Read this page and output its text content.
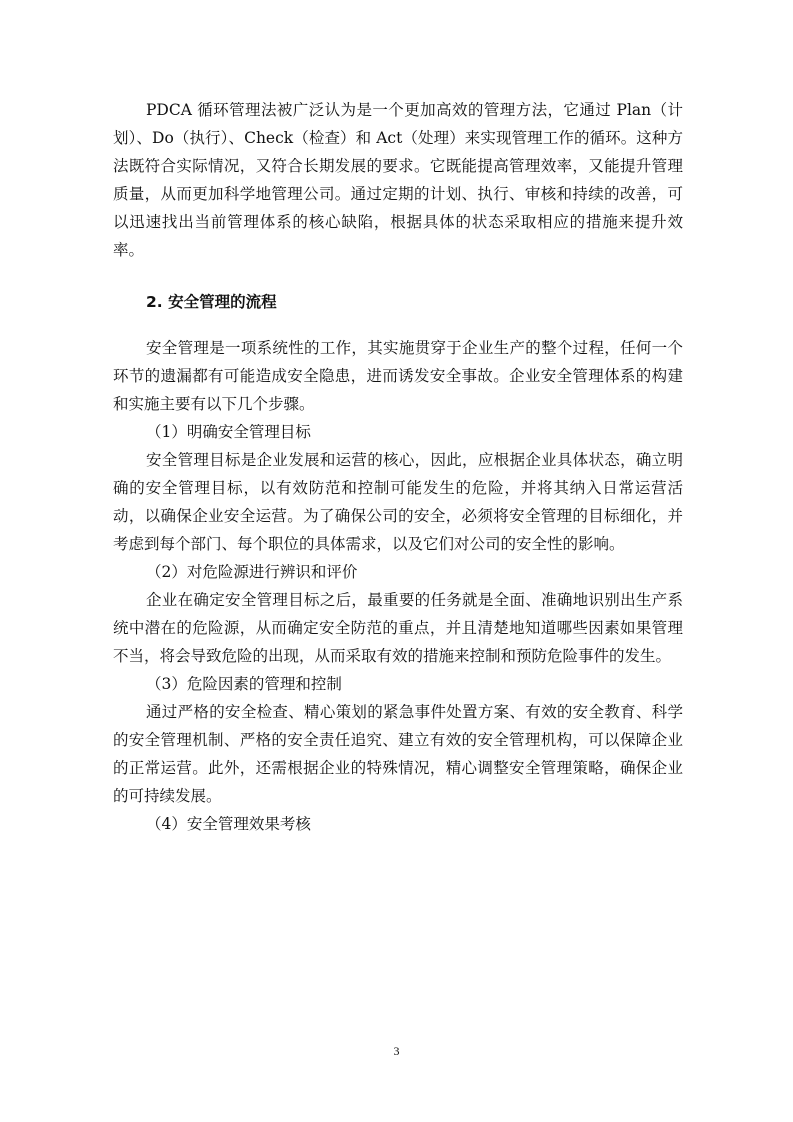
PDCA 循环管理法被广泛认为是一个更加高效的管理方法，它通过 Plan（计划）、Do（执行）、Check（检查）和 Act（处理）来实现管理工作的循环。这种方法既符合实际情况，又符合长期发展的要求。它既能提高管理效率，又能提升管理质量，从而更加科学地管理公司。通过定期的计划、执行、审核和持续的改善，可以迅速找出当前管理体系的核心缺陷，根据具体的状态采取相应的措施来提升效率。

2. 安全管理的流程

安全管理是一项系统性的工作，其实施贯穿于企业生产的整个过程，任何一个环节的遗漏都有可能造成安全隐患，进而诱发安全事故。企业安全管理体系的构建和实施主要有以下几个步骤。

（1）明确安全管理目标

安全管理目标是企业发展和运营的核心，因此，应根据企业具体状态，确立明确的安全管理目标，以有效防范和控制可能发生的危险，并将其纳入日常运营活动，以确保企业安全运营。为了确保公司的安全，必须将安全管理的目标细化，并考虑到每个部门、每个职位的具体需求，以及它们对公司的安全性的影响。

（2）对危险源进行辨识和评价

企业在确定安全管理目标之后，最重要的任务就是全面、准确地识别出生产系统中潜在的危险源，从而确定安全防范的重点，并且清楚地知道哪些因素如果管理不当，将会导致危险的出现，从而采取有效的措施来控制和预防危险事件的发生。

（3）危险因素的管理和控制

通过严格的安全检查、精心策划的紧急事件处置方案、有效的安全教育、科学的安全管理机制、严格的安全责任追究、建立有效的安全管理机构，可以保障企业的正常运营。此外，还需根据企业的特殊情况，精心调整安全管理策略，确保企业的可持续发展。

（4）安全管理效果考核

3
